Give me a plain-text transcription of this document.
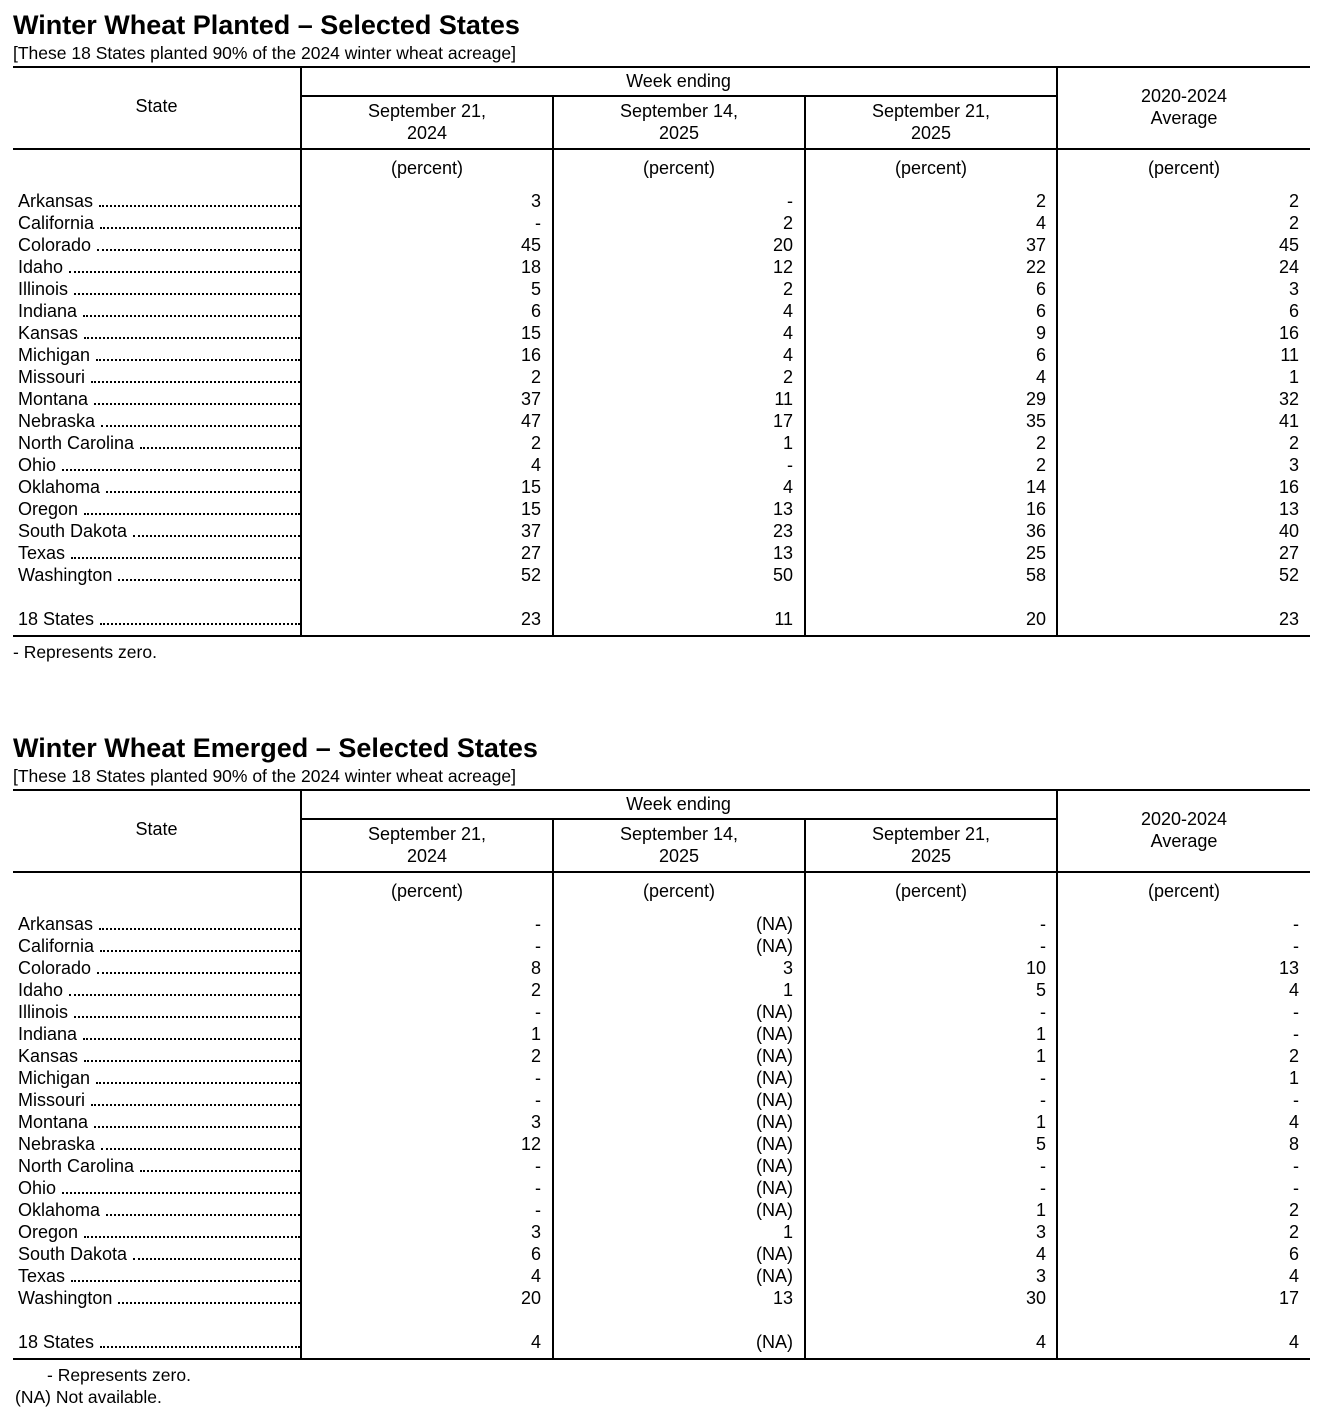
Winter Wheat Planted – Selected States
[These 18 States planted 90% of the 2024 winter wheat acreage]
State
Week ending
September 21,
2024
September 14,
2025
September 21,
2025
2020-2024
Average
(percent)	(percent)	(percent)	(percent)
Arkansas	3	-	2	2
California	-	2	4	2
Colorado	45	20	37	45
Idaho	18	12	22	24
Illinois	5	2	6	3
Indiana	6	4	6	6
Kansas	15	4	9	16
Michigan	16	4	6	11
Missouri	2	2	4	1
Montana	37	11	29	32
Nebraska	47	17	35	41
North Carolina	2	1	2	2
Ohio	4	-	2	3
Oklahoma	15	4	14	16
Oregon	15	13	16	13
South Dakota	37	23	36	40
Texas	27	13	25	27
Washington	52	50	58	52
18 States	23	11	20	23
- Represents zero.
Winter Wheat Emerged – Selected States
[These 18 States planted 90% of the 2024 winter wheat acreage]
State
Week ending
September 21,
2024
September 14,
2025
September 21,
2025
2020-2024
Average
(percent)	(percent)	(percent)	(percent)
Arkansas	-	(NA)	-	-
California	-	(NA)	-	-
Colorado	8	3	10	13
Idaho	2	1	5	4
Illinois	-	(NA)	-	-
Indiana	1	(NA)	1	-
Kansas	2	(NA)	1	2
Michigan	-	(NA)	-	1
Missouri	-	(NA)	-	-
Montana	3	(NA)	1	4
Nebraska	12	(NA)	5	8
North Carolina	-	(NA)	-	-
Ohio	-	(NA)	-	-
Oklahoma	-	(NA)	1	2
Oregon	3	1	3	2
South Dakota	6	(NA)	4	6
Texas	4	(NA)	3	4
Washington	20	13	30	17
18 States	4	(NA)	4	4
- Represents zero.
(NA) Not available.
